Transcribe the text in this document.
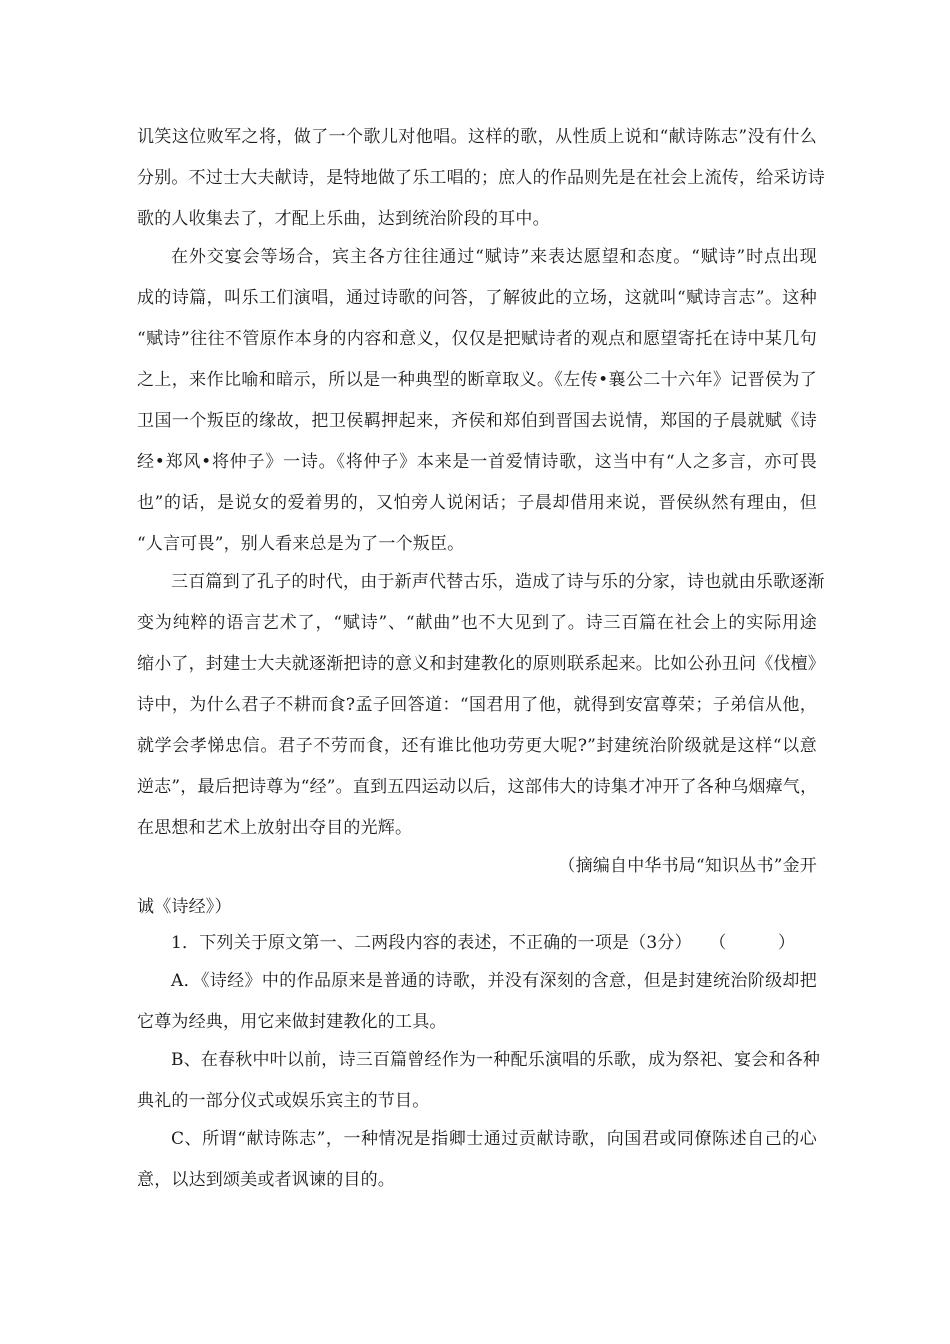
讥笑这位败军之将，做了一个歌儿对他唱。这样的歌，从性质上说和“献诗陈志”没有什么
分别。不过士大夫献诗，是特地做了乐工唱的；庶人的作品则先是在社会上流传，给采访诗
歌的人收集去了，才配上乐曲，达到统治阶段的耳中。
在外交宴会等场合，宾主各方往往通过“赋诗”来表达愿望和态度。“赋诗”时点出现
成的诗篇，叫乐工们演唱，通过诗歌的问答，了解彼此的立场，这就叫“赋诗言志”。这种
“赋诗”往往不管原作本身的内容和意义，仅仅是把赋诗者的观点和愿望寄托在诗中某几句
之上，来作比喻和暗示，所以是一种典型的断章取义。《左传•襄公二十六年》记晋侯为了
卫国一个叛臣的缘故，把卫侯羁押起来，齐侯和郑伯到晋国去说情，郑国的子晨就赋《诗
经•郑风•将仲子》一诗。《将仲子》本来是一首爱情诗歌，这当中有“人之多言，亦可畏
也”的话，是说女的爱着男的，又怕旁人说闲话；子晨却借用来说，晋侯纵然有理由，但
“人言可畏”，别人看来总是为了一个叛臣。
三百篇到了孔子的时代，由于新声代替古乐，造成了诗与乐的分家，诗也就由乐歌逐渐
变为纯粹的语言艺术了，“赋诗”、“献曲”也不大见到了。诗三百篇在社会上的实际用途
缩小了，封建士大夫就逐渐把诗的意义和封建教化的原则联系起来。比如公孙丑问《伐檀》
诗中，为什么君子不耕而食?孟子回答道：“国君用了他，就得到安富尊荣；子弟信从他，
就学会孝悌忠信。君子不劳而食，还有谁比他功劳更大呢?”封建统治阶级就是这样“以意
逆志”，最后把诗尊为“经”。直到五四运动以后，这部伟大的诗集才冲开了各种乌烟瘴气，
在思想和艺术上放射出夺目的光辉。
（摘编自中华书局“知识丛书”金开
诚《诗经》）
1．下列关于原文第一、二两段内容的表述，不正确的一项是（3分）　　（　　　）
A．《诗经》中的作品原来是普通的诗歌，并没有深刻的含意，但是封建统治阶级却把
它尊为经典，用它来做封建教化的工具。
B、在春秋中叶以前，诗三百篇曾经作为一种配乐演唱的乐歌，成为祭祀、宴会和各种
典礼的一部分仪式或娱乐宾主的节目。
C、所谓“献诗陈志”，一种情况是指卿士通过贡献诗歌，向国君或同僚陈述自己的心
意，以达到颂美或者讽谏的目的。
